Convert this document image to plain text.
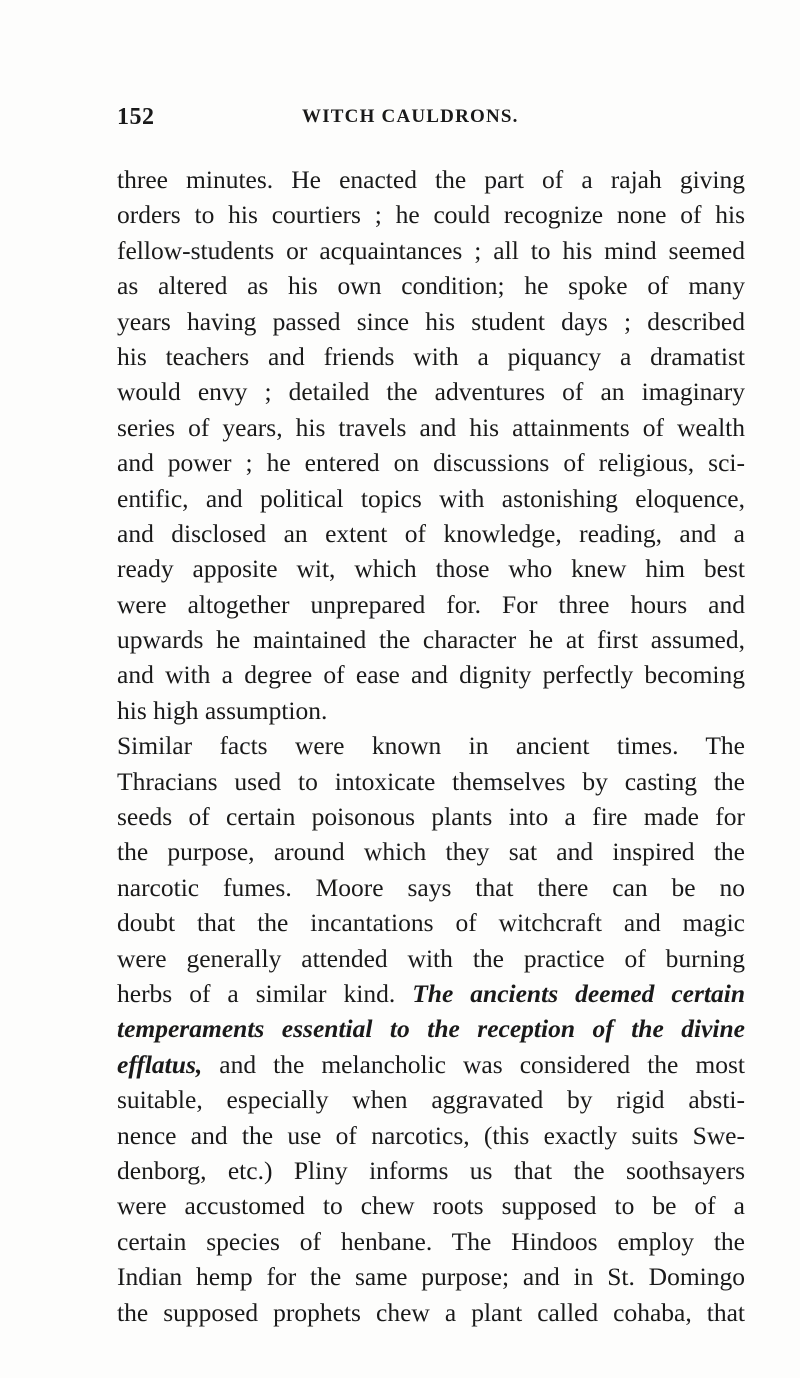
152	WITCH CAULDRONS.
three minutes. He enacted the part of a rajah giving
orders to his courtiers ; he could recognize none of his
fellow-students or acquaintances ; all to his mind seemed
as altered as his own condition; he spoke of many
years having passed since his student days ; described
his teachers and friends with a piquancy a dramatist
would envy ; detailed the adventures of an imaginary
series of years, his travels and his attainments of wealth
and power ; he entered on discussions of religious, sci-
entific, and political topics with astonishing eloquence,
and disclosed an extent of knowledge, reading, and a
ready apposite wit, which those who knew him best
were altogether unprepared for. For three hours and
upwards he maintained the character he at first assumed,
and with a degree of ease and dignity perfectly becoming
his high assumption.
Similar facts were known in ancient times. The
Thracians used to intoxicate themselves by casting the
seeds of certain poisonous plants into a fire made for
the purpose, around which they sat and inspired the
narcotic fumes. Moore says that there can be no
doubt that the incantations of witchcraft and magic
were generally attended with the practice of burning
herbs of a similar kind. The ancients deemed certain
temperaments essential to the reception of the divine
efflatus, and the melancholic was considered the most
suitable, especially when aggravated by rigid absti-
nence and the use of narcotics, (this exactly suits Swe-
denborg, etc.) Pliny informs us that the soothsayers
were accustomed to chew roots supposed to be of a
certain species of henbane. The Hindoos employ the
Indian hemp for the same purpose; and in St. Domingo
the supposed prophets chew a plant called cohaba, that
